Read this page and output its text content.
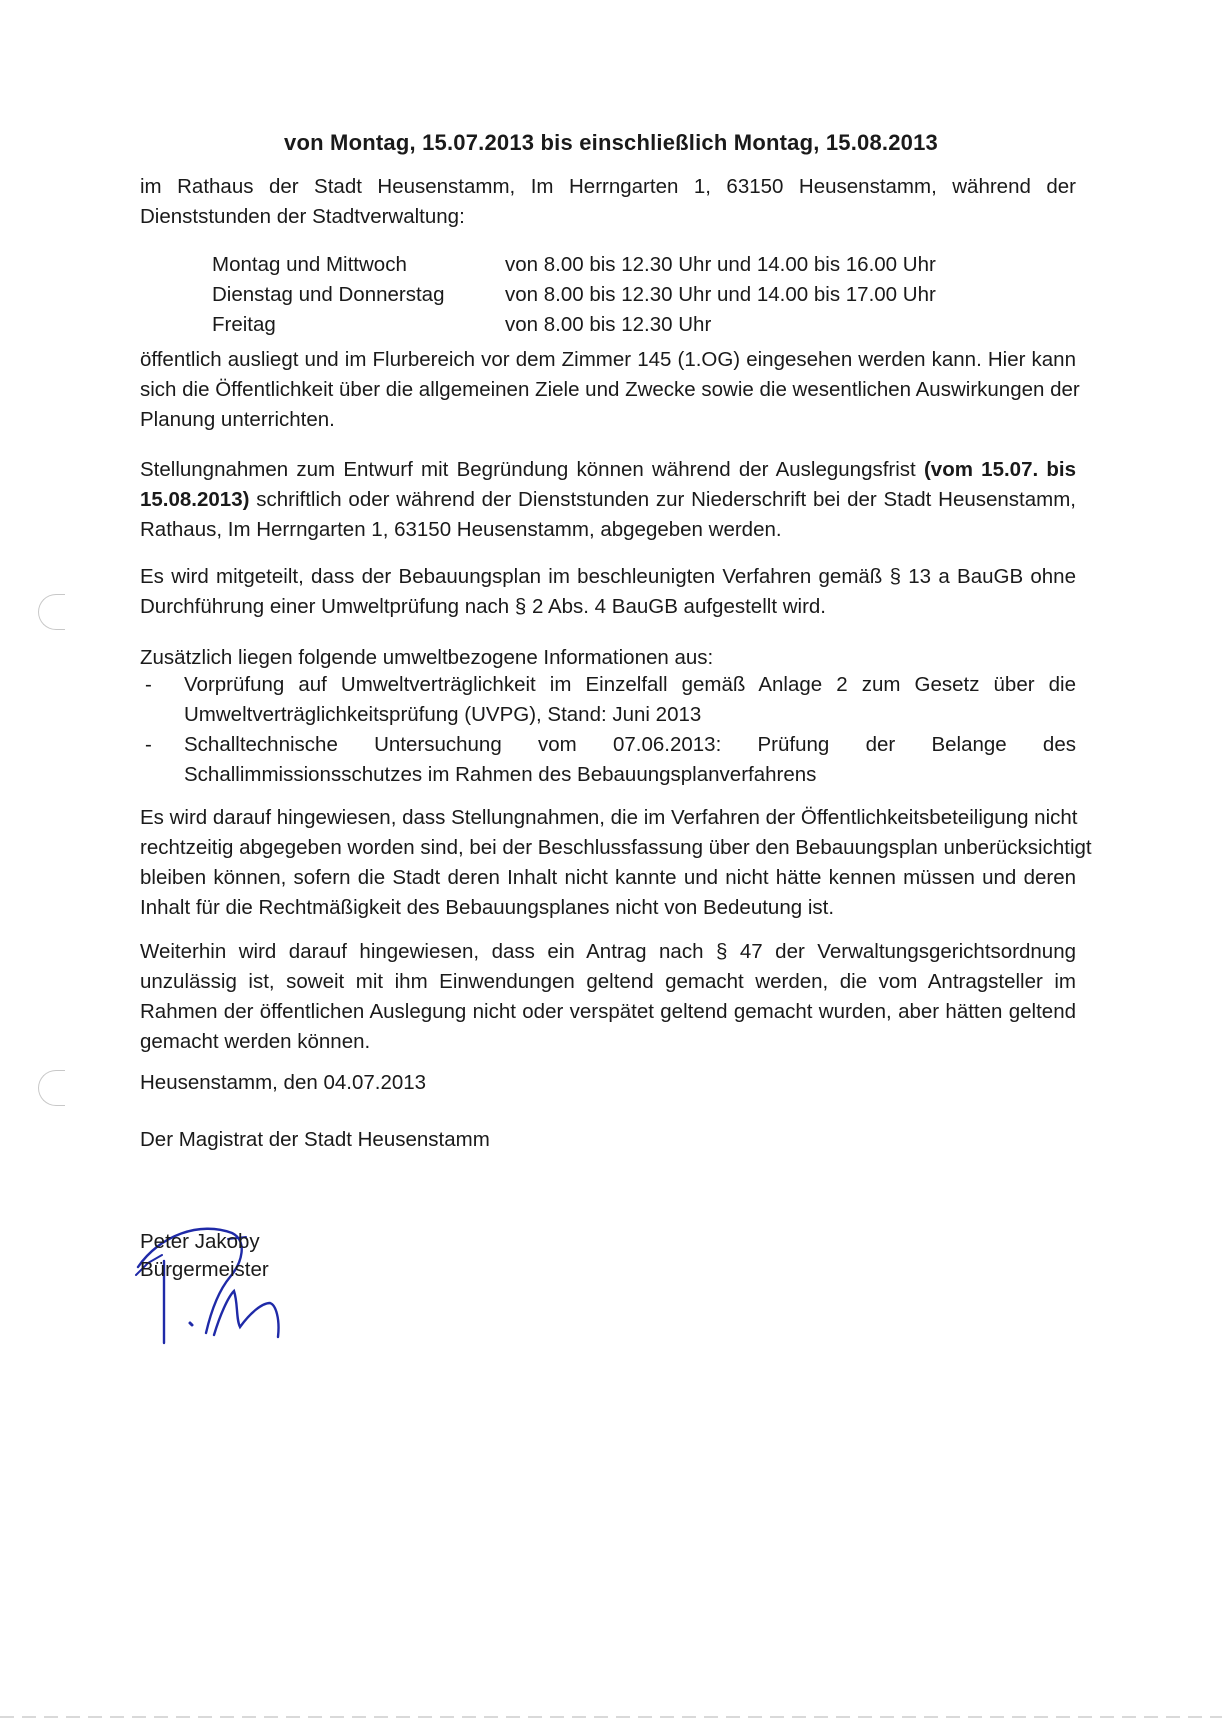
von Montag, 15.07.2013 bis einschließlich Montag, 15.08.2013
im Rathaus der Stadt Heusenstamm, Im Herrngarten 1, 63150 Heusenstamm, während der
Dienststunden der Stadtverwaltung:
Montag und Mittwoch	von 8.00 bis 12.30 Uhr und 14.00 bis 16.00 Uhr
Dienstag und Donnerstag	von 8.00 bis 12.30 Uhr und 14.00 bis 17.00 Uhr
Freitag	von 8.00 bis 12.30 Uhr
öffentlich ausliegt und im Flurbereich vor dem Zimmer 145 (1.OG) eingesehen werden kann. Hier kann
sich die Öffentlichkeit über die allgemeinen Ziele und Zwecke sowie die wesentlichen Auswirkungen der
Planung unterrichten.
Stellungnahmen zum Entwurf mit Begründung können während der Auslegungsfrist (vom 15.07. bis
15.08.2013) schriftlich oder während der Dienststunden zur Niederschrift bei der Stadt Heusenstamm,
Rathaus, Im Herrngarten 1, 63150 Heusenstamm, abgegeben werden.
Es wird mitgeteilt, dass der Bebauungsplan im beschleunigten Verfahren gemäß § 13 a BauGB ohne
Durchführung einer Umweltprüfung nach § 2 Abs. 4 BauGB aufgestellt wird.
Zusätzlich liegen folgende umweltbezogene Informationen aus:
- Vorprüfung auf Umweltverträglichkeit im Einzelfall gemäß Anlage 2 zum Gesetz über die
Umweltverträglichkeitsprüfung (UVPG), Stand: Juni 2013
- Schalltechnische Untersuchung vom 07.06.2013: Prüfung der Belange des
Schallimmissionsschutzes im Rahmen des Bebauungsplanverfahrens
Es wird darauf hingewiesen, dass Stellungnahmen, die im Verfahren der Öffentlichkeitsbeteiligung nicht
rechtzeitig abgegeben worden sind, bei der Beschlussfassung über den Bebauungsplan unberücksichtigt
bleiben können, sofern die Stadt deren Inhalt nicht kannte und nicht hätte kennen müssen und deren
Inhalt für die Rechtmäßigkeit des Bebauungsplanes nicht von Bedeutung ist.
Weiterhin wird darauf hingewiesen, dass ein Antrag nach § 47 der Verwaltungsgerichtsordnung
unzulässig ist, soweit mit ihm Einwendungen geltend gemacht werden, die vom Antragsteller im
Rahmen der öffentlichen Auslegung nicht oder verspätet geltend gemacht wurden, aber hätten geltend
gemacht werden können.
Heusenstamm, den 04.07.2013
Der Magistrat der Stadt Heusenstamm
Peter Jakoby
Bürgermeister
